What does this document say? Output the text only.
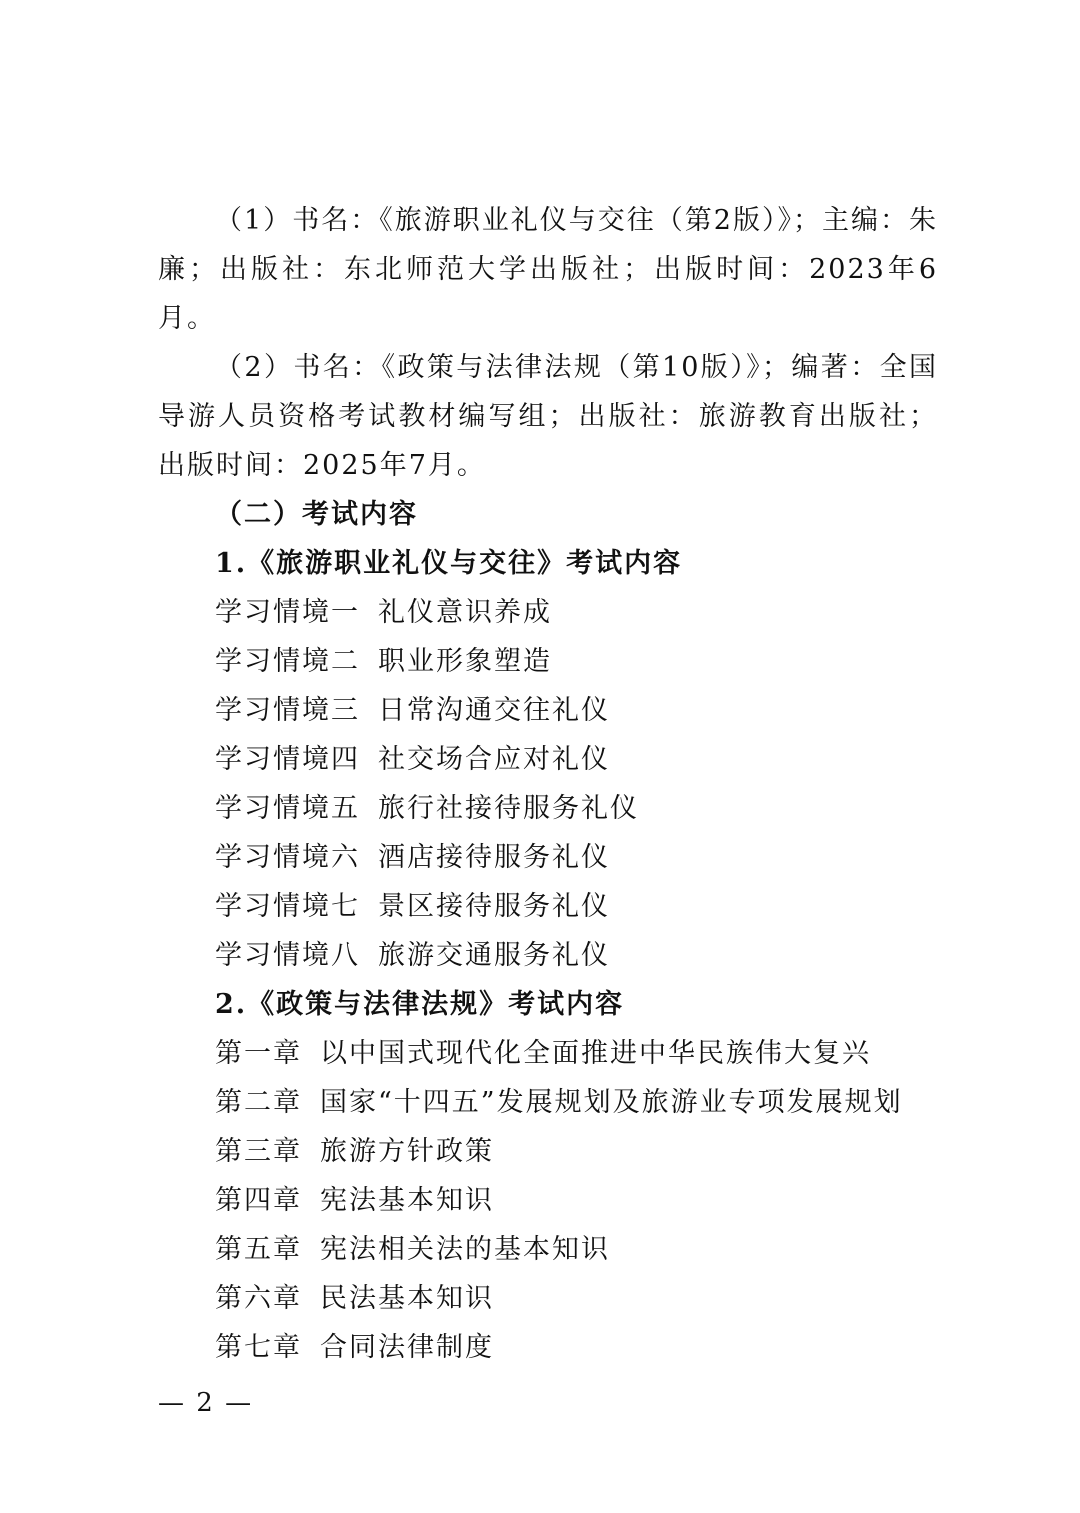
（1）书名：《旅游职业礼仪与交往（第2版）》；主编：朱廉；出版社：东北师范大学出版社；出版时间：2023年6月。

（2）书名：《政策与法律法规（第10版）》；编著：全国导游人员资格考试教材编写组；出版社：旅游教育出版社；出版时间：2025年7月。

（二）考试内容

1.《旅游职业礼仪与交往》考试内容

学习情境一 礼仪意识养成

学习情境二 职业形象塑造

学习情境三 日常沟通交往礼仪

学习情境四 社交场合应对礼仪

学习情境五 旅行社接待服务礼仪

学习情境六 酒店接待服务礼仪

学习情境七 景区接待服务礼仪

学习情境八 旅游交通服务礼仪

2.《政策与法律法规》考试内容

第一章 以中国式现代化全面推进中华民族伟大复兴

第二章 国家“十四五”发展规划及旅游业专项发展规划

第三章 旅游方针政策

第四章 宪法基本知识

第五章 宪法相关法的基本知识

第六章 民法基本知识

第七章 合同法律制度

— 2 —
